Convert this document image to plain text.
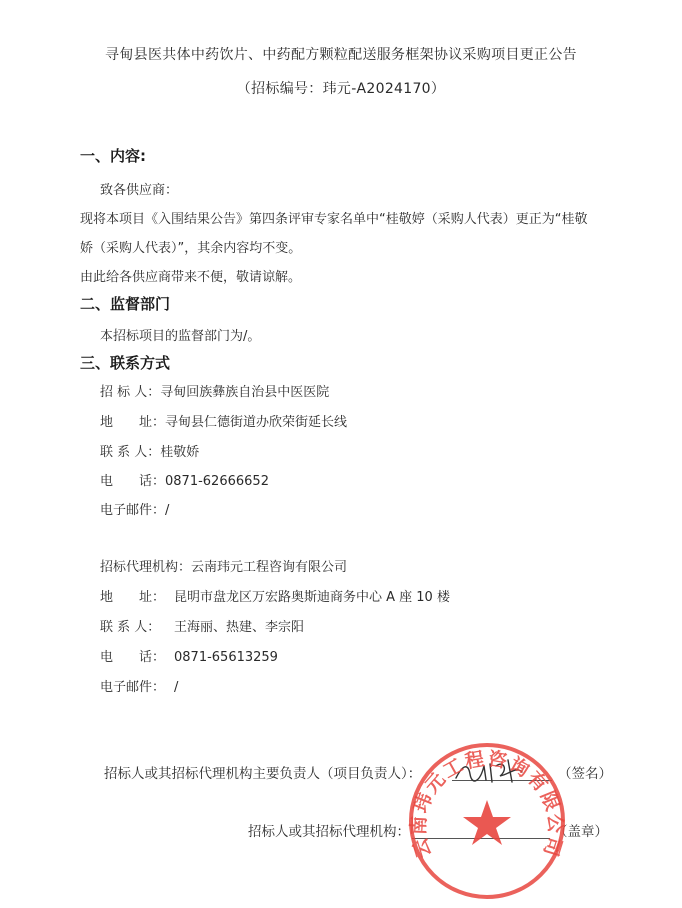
寻甸县医共体中药饮片、中药配方颗粒配送服务框架协议采购项目更正公告
（招标编号：玮元-A2024170）
一、内容:
致各供应商：
现将本项目《入围结果公告》第四条评审专家名单中“桂敬婷（采购人代表）更正为“桂敬
娇（采购人代表）”，其余内容均不变。
由此给各供应商带来不便，敬请谅解。
二、监督部门
本招标项目的监督部门为/。
三、联系方式
招 标 人：寻甸回族彝族自治县中医医院
地　　址：寻甸县仁德街道办欣荣街延长线
联 系 人：桂敬娇
电　　话：0871-62666652
电子邮件：/
招标代理机构：云南玮元工程咨询有限公司
地　　址： 昆明市盘龙区万宏路奥斯迪商务中心 A 座 10 楼
联 系 人： 王海丽、热建、李宗阳
电　　话： 0871-65613259
电子邮件： /
招标人或其招标代理机构主要负责人（项目负责人）：	（签名）
招标人或其招标代理机构：	（盖章）
云南玮元工程咨询有限公司
